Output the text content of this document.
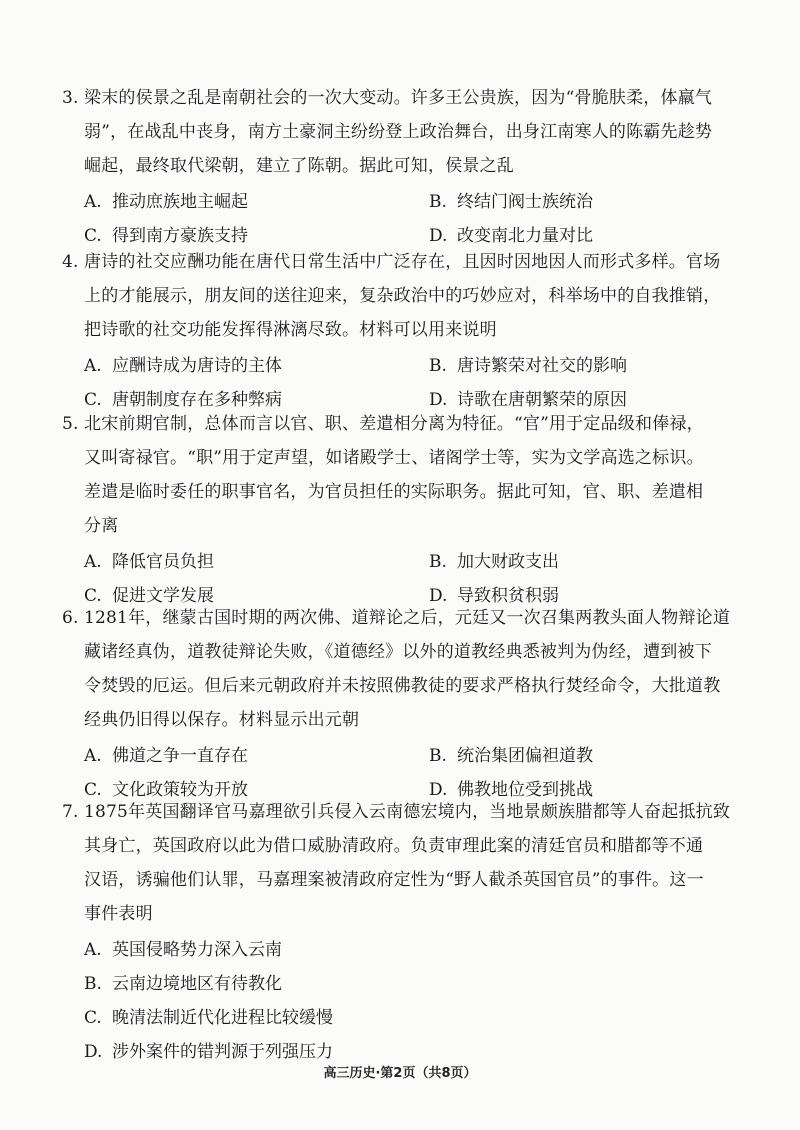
3. 梁末的侯景之乱是南朝社会的一次大变动。许多王公贵族，因为“骨脆肤柔，体羸气
弱”，在战乱中丧身，南方土豪洞主纷纷登上政治舞台，出身江南寒人的陈霸先趁势
崛起，最终取代梁朝，建立了陈朝。据此可知，侯景之乱

A. 推动庶族地主崛起	B. 终结门阀士族统治
C. 得到南方豪族支持	D. 改变南北力量对比

4. 唐诗的社交应酬功能在唐代日常生活中广泛存在，且因时因地因人而形式多样。官场
上的才能展示，朋友间的送往迎来，复杂政治中的巧妙应对，科举场中的自我推销，
把诗歌的社交功能发挥得淋漓尽致。材料可以用来说明

A. 应酬诗成为唐诗的主体	B. 唐诗繁荣对社交的影响
C. 唐朝制度存在多种弊病	D. 诗歌在唐朝繁荣的原因

5. 北宋前期官制，总体而言以官、职、差遣相分离为特征。“官”用于定品级和俸禄，
又叫寄禄官。“职”用于定声望，如诸殿学士、诸阁学士等，实为文学高选之标识。
差遣是临时委任的职事官名，为官员担任的实际职务。据此可知，官、职、差遣相
分离

A. 降低官员负担	B. 加大财政支出
C. 促进文学发展	D. 导致积贫积弱

6. 1281年，继蒙古国时期的两次佛、道辩论之后，元廷又一次召集两教头面人物辩论道
藏诸经真伪，道教徒辩论失败，《道德经》以外的道教经典悉被判为伪经，遭到被下
令焚毁的厄运。但后来元朝政府并未按照佛教徒的要求严格执行焚经命令，大批道教
经典仍旧得以保存。材料显示出元朝

A. 佛道之争一直存在	B. 统治集团偏袒道教
C. 文化政策较为开放	D. 佛教地位受到挑战

7. 1875年英国翻译官马嘉理欲引兵侵入云南德宏境内，当地景颇族腊都等人奋起抵抗致
其身亡，英国政府以此为借口威胁清政府。负责审理此案的清廷官员和腊都等不通
汉语，诱骗他们认罪，马嘉理案被清政府定性为“野人截杀英国官员”的事件。这一
事件表明

A. 英国侵略势力深入云南
B. 云南边境地区有待教化
C. 晚清法制近代化进程比较缓慢
D. 涉外案件的错判源于列强压力
高三历史·第2页（共8页）
